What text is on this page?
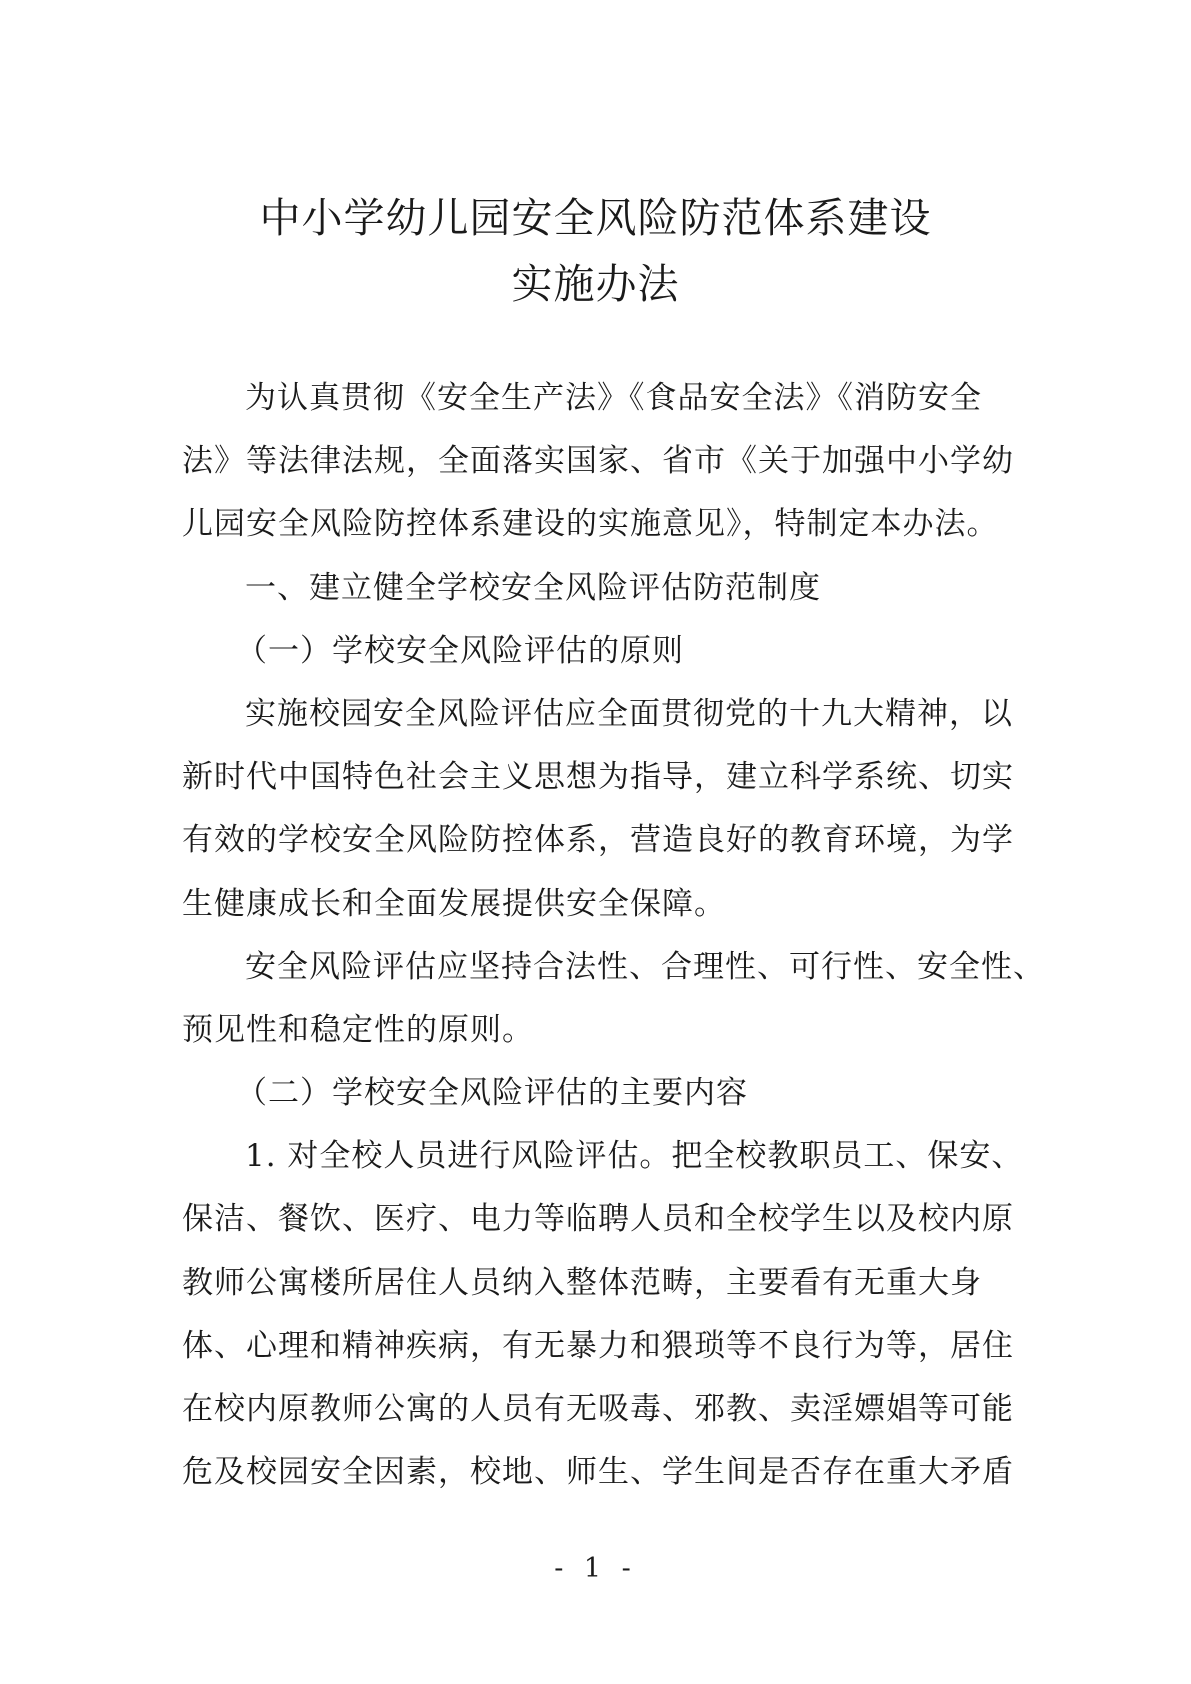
中小学幼儿园安全风险防范体系建设
实施办法
为认真贯彻《安全生产法》《食品安全法》《消防安全
法》等法律法规，全面落实国家、省市《关于加强中小学幼
儿园安全风险防控体系建设的实施意见》，特制定本办法。
一、建立健全学校安全风险评估防范制度
（一）学校安全风险评估的原则
实施校园安全风险评估应全面贯彻党的十九大精神，以
新时代中国特色社会主义思想为指导，建立科学系统、切实
有效的学校安全风险防控体系，营造良好的教育环境，为学
生健康成长和全面发展提供安全保障。
安全风险评估应坚持合法性、合理性、可行性、安全性、
预见性和稳定性的原则。
（二）学校安全风险评估的主要内容
1. 对全校人员进行风险评估。把全校教职员工、保安、
保洁、餐饮、医疗、电力等临聘人员和全校学生以及校内原
教师公寓楼所居住人员纳入整体范畴，主要看有无重大身
体、心理和精神疾病，有无暴力和猥琐等不良行为等，居住
在校内原教师公寓的人员有无吸毒、邪教、卖淫嫖娼等可能
危及校园安全因素，校地、师生、学生间是否存在重大矛盾
- 1 -
